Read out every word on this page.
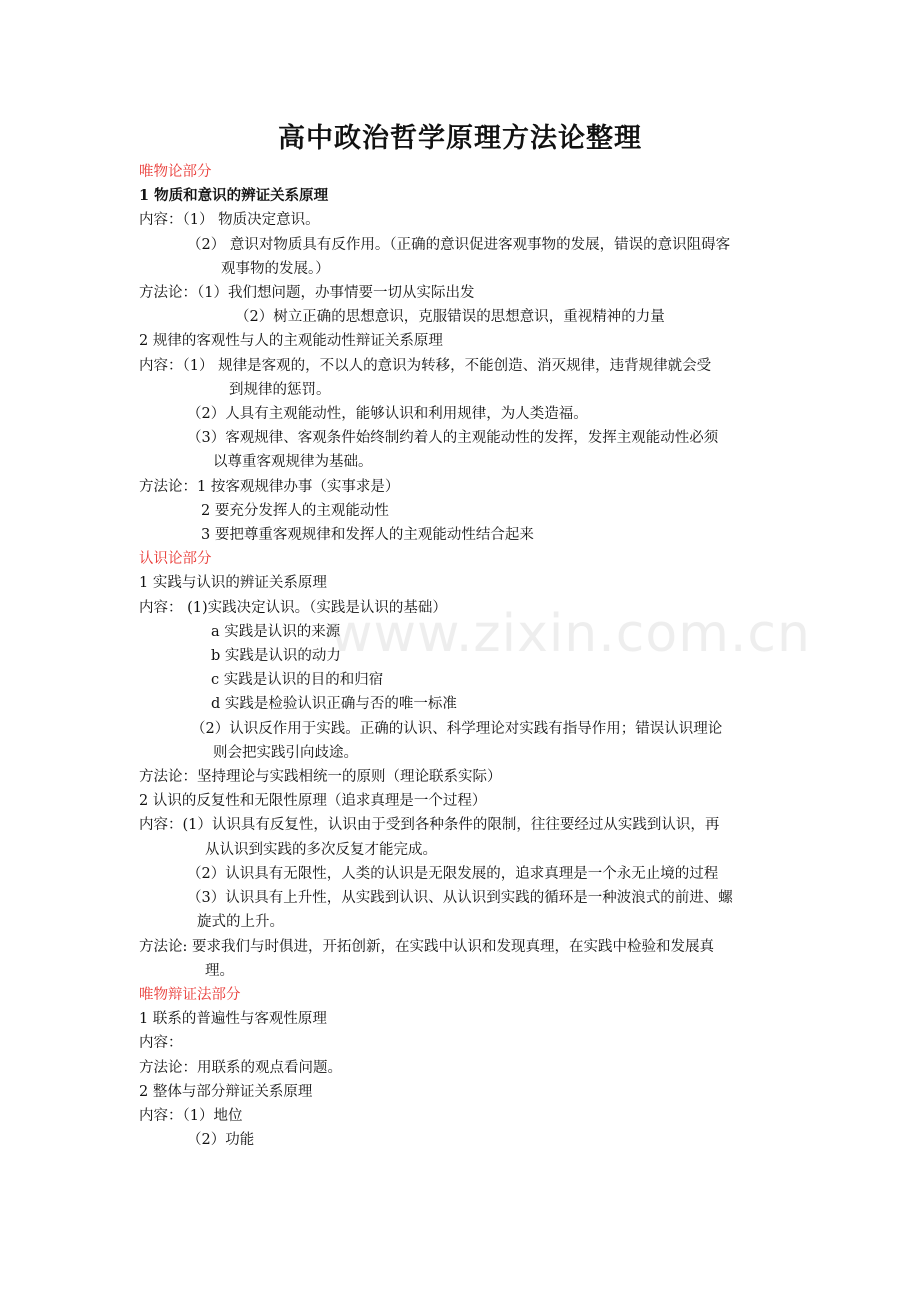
高中政治哲学原理方法论整理
唯物论部分
1 物质和意识的辨证关系原理
内容：（1） 物质决定意识。
（2） 意识对物质具有反作用。（正确的意识促进客观事物的发展，错误的意识阻碍客
观事物的发展。）
方法论：（1）我们想问题，办事情要一切从实际出发
（2）树立正确的思想意识，克服错误的思想意识，重视精神的力量
2 规律的客观性与人的主观能动性辩证关系原理
内容：（1） 规律是客观的，不以人的意识为转移，不能创造、消灭规律，违背规律就会受
到规律的惩罚。
（2）人具有主观能动性，能够认识和利用规律，为人类造福。
（3）客观规律、客观条件始终制约着人的主观能动性的发挥，发挥主观能动性必须
以尊重客观规律为基础。
方法论：1 按客观规律办事（实事求是）
2 要充分发挥人的主观能动性
3 要把尊重客观规律和发挥人的主观能动性结合起来
认识论部分
1 实践与认识的辨证关系原理
内容： (1)实践决定认识。（实践是认识的基础）
a 实践是认识的来源
b 实践是认识的动力
c 实践是认识的目的和归宿
d 实践是检验认识正确与否的唯一标准
（2）认识反作用于实践。正确的认识、科学理论对实践有指导作用；错误认识理论
则会把实践引向歧途。
方法论：坚持理论与实践相统一的原则（理论联系实际）
2 认识的反复性和无限性原理（追求真理是一个过程）
内容：(1）认识具有反复性，认识由于受到各种条件的限制，往往要经过从实践到认识，再
从认识到实践的多次反复才能完成。
（2）认识具有无限性，人类的认识是无限发展的，追求真理是一个永无止境的过程
（3）认识具有上升性，从实践到认识、从认识到实践的循环是一种波浪式的前进、螺
旋式的上升。
方法论: 要求我们与时俱进，开拓创新，在实践中认识和发现真理，在实践中检验和发展真
理。
唯物辩证法部分
1 联系的普遍性与客观性原理
内容：
方法论：用联系的观点看问题。
2 整体与部分辩证关系原理
内容：（1）地位
（2）功能
www.zixin.com.cn
